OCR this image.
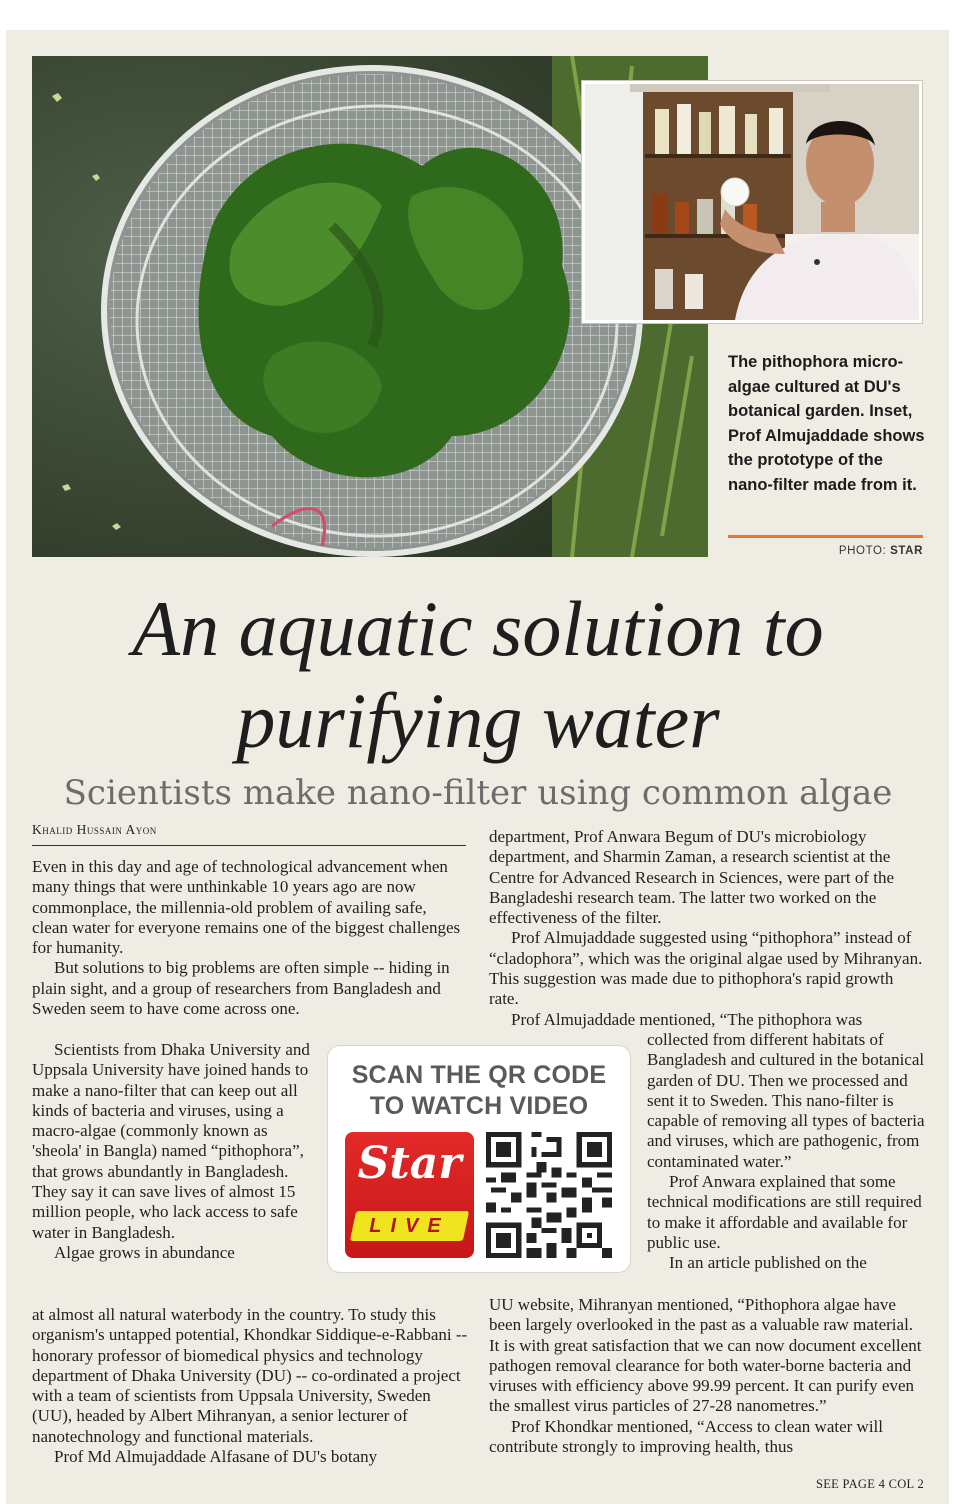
The pithophora micro-algae cultured at DU's botanical garden. Inset, Prof Almujaddade shows the prototype of the nano-filter made from it.
PHOTO: STAR
An aquatic solution to purifying water
Scientists make nano-filter using common algae
Khalid Hussain Ayon

Even in this day and age of technological advancement when many things that were unthinkable 10 years ago are now commonplace, the millennia-old problem of availing safe, clean water for everyone remains one of the biggest challenges for humanity.

But solutions to big problems are often simple -- hiding in plain sight, and a group of researchers from Bangladesh and Sweden seem to have come across one.

Scientists from Dhaka University and Uppsala University have joined hands to make a nano-filter that can keep out all kinds of bacteria and viruses, using a macro-algae (commonly known as 'sheola' in Bangla) named “pithophora”, that grows abundantly in Bangladesh. They say it can save lives of almost 15 million people, who lack access to safe water in Bangladesh.

Algae grows in abundance

at almost all natural waterbody in the country. To study this organism's untapped potential, Khondkar Siddique-e-Rabbani -- honorary professor of biomedical physics and technology department of Dhaka University (DU) -- co-ordinated a project with a team of scientists from Uppsala University, Sweden (UU), headed by Albert Mihranyan, a senior lecturer of nanotechnology and functional materials.

Prof Md Almujaddade Alfasane of DU's botany

department, Prof Anwara Begum of DU's microbiology department, and Sharmin Zaman, a research scientist at the Centre for Advanced Research in Sciences, were part of the Bangladeshi research team. The latter two worked on the effectiveness of the filter.

Prof Almujaddade suggested using “pithophora” instead of “cladophora”, which was the original algae used by Mihranyan. This suggestion was made due to pithophora's rapid growth rate.

Prof Almujaddade mentioned, “The pithophora was

collected from different habitats of Bangladesh and cultured in the botanical garden of DU. Then we processed and sent it to Sweden. This nano-filter is capable of removing all types of bacteria and viruses, which are pathogenic, from contaminated water.”

Prof Anwara explained that some technical modifications are still required to make it affordable and available for public use.

In an article published on the

UU website, Mihranyan mentioned, “Pithophora algae have been largely overlooked in the past as a valuable raw material. It is with great satisfaction that we can now document excellent pathogen removal clearance for both water-borne bacteria and viruses with efficiency above 99.99 percent. It can purify even the smallest virus particles of 27-28 nanometres.”

Prof Khondkar mentioned, “Access to clean water will contribute strongly to improving health, thus

SCAN THE QR CODE
TO WATCH VIDEO
Star
LIVE
SEE PAGE 4 COL 2
